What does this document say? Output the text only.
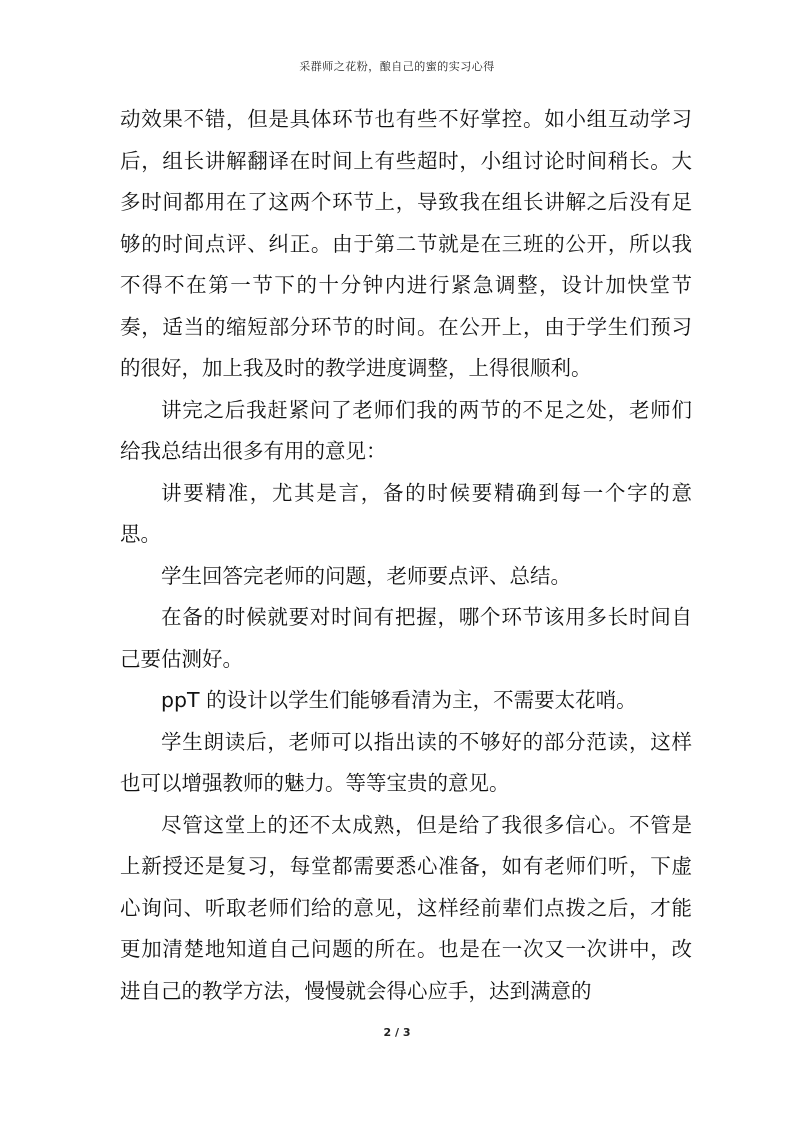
采群师之花粉，酿自己的蜜的实习心得

动效果不错，但是具体环节也有些不好掌控。如小组互动学习后，组长讲解翻译在时间上有些超时，小组讨论时间稍长。大多时间都用在了这两个环节上，导致我在组长讲解之后没有足够的时间点评、纠正。由于第二节就是在三班的公开，所以我不得不在第一节下的十分钟内进行紧急调整，设计加快堂节奏，适当的缩短部分环节的时间。在公开上，由于学生们预习的很好，加上我及时的教学进度调整，上得很顺利。

讲完之后我赶紧问了老师们我的两节的不足之处，老师们给我总结出很多有用的意见：

讲要精准，尤其是言，备的时候要精确到每一个字的意思。

学生回答完老师的问题，老师要点评、总结。

在备的时候就要对时间有把握，哪个环节该用多长时间自己要估测好。

ppT 的设计以学生们能够看清为主，不需要太花哨。

学生朗读后，老师可以指出读的不够好的部分范读，这样也可以增强教师的魅力。等等宝贵的意见。

尽管这堂上的还不太成熟，但是给了我很多信心。不管是上新授还是复习，每堂都需要悉心准备，如有老师们听，下虚心询问、听取老师们给的意见，这样经前辈们点拨之后，才能更加清楚地知道自己问题的所在。也是在一次又一次讲中，改进自己的教学方法，慢慢就会得心应手，达到满意的

2 / 3
